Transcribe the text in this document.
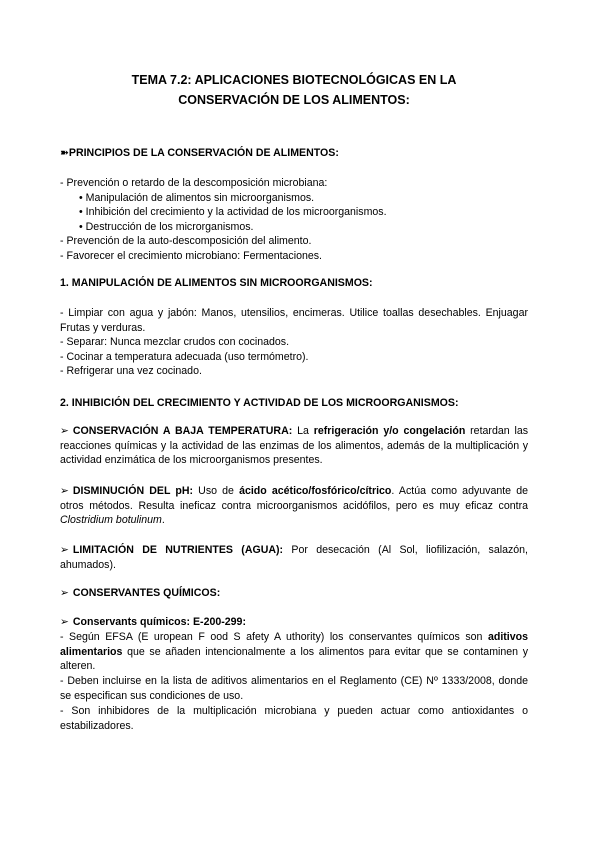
TEMA 7.2: APLICACIONES BIOTECNOLÓGICAS EN LA
CONSERVACIÓN DE LOS ALIMENTOS:
➽PRINCIPIOS DE LA CONSERVACIÓN DE ALIMENTOS:
- Prevención o retardo de la descomposición microbiana:
• Manipulación de alimentos sin microorganismos.
• Inhibición del crecimiento y la actividad de los microorganismos.
• Destrucción de los microrganismos.
- Prevención de la auto-descomposición del alimento.
- Favorecer el crecimiento microbiano: Fermentaciones.
1. MANIPULACIÓN DE ALIMENTOS SIN MICROORGANISMOS:
- Limpiar con agua y jabón: Manos, utensilios, encimeras. Utilice toallas desechables. Enjuagar Frutas y verduras.
- Separar: Nunca mezclar crudos con cocinados.
- Cocinar a temperatura adecuada (uso termómetro).
- Refrigerar una vez cocinado.
2. INHIBICIÓN DEL CRECIMIENTO Y ACTIVIDAD DE LOS MICROORGANISMOS:
➢ CONSERVACIÓN A BAJA TEMPERATURA: La refrigeración y/o congelación retardan las reacciones químicas y la actividad de las enzimas de los alimentos, además de la multiplicación y actividad enzimática de los microorganismos presentes.
➢ DISMINUCIÓN DEL pH: Uso de ácido acético/fosfórico/cítrico. Actúa como adyuvante de otros métodos. Resulta ineficaz contra microorganismos acidófilos, pero es muy eficaz contra Clostridium botulinum.
➢ LIMITACIÓN DE NUTRIENTES (AGUA): Por desecación (Al Sol, liofilización, salazón, ahumados).
➢ CONSERVANTES QUÍMICOS:
➢ Conservants químicos: E-200-299:
- Según EFSA (E uropean F ood S afety A uthority) los conservantes químicos son aditivos alimentarios que se añaden intencionalmente a los alimentos para evitar que se contaminen y alteren.
- Deben incluirse en la lista de aditivos alimentarios en el Reglamento (CE) Nº 1333/2008, donde se especifican sus condiciones de uso.
- Son inhibidores de la multiplicación microbiana y pueden actuar como antioxidantes o estabilizadores.
